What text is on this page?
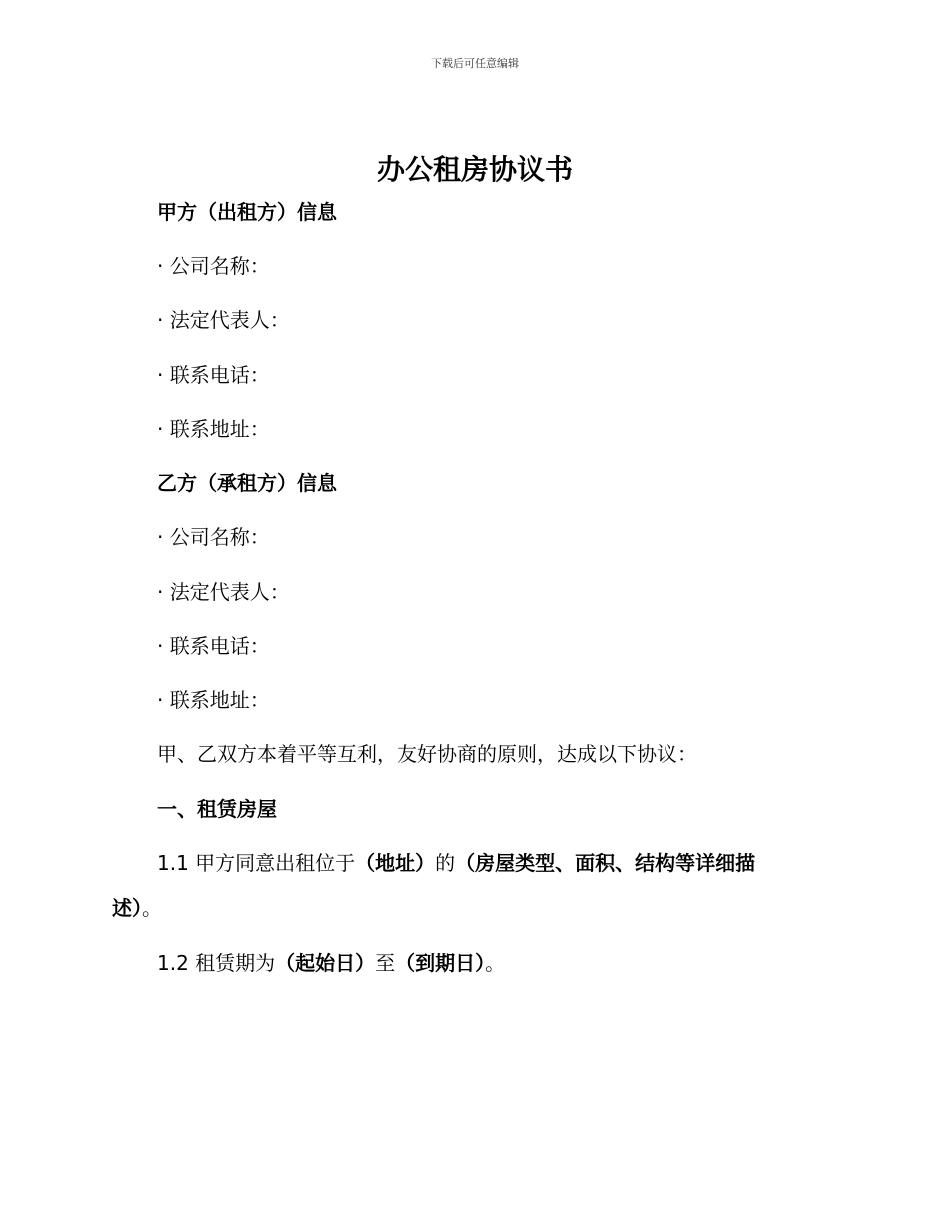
下载后可任意编辑
办公租房协议书
甲方（出租方）信息
· 公司名称：
· 法定代表人：
· 联系电话：
· 联系地址：
乙方（承租方）信息
· 公司名称：
· 法定代表人：
· 联系电话：
· 联系地址：
甲、乙双方本着平等互利，友好协商的原则，达成以下协议：
一、租赁房屋
1.1 甲方同意出租位于（地址）的（房屋类型、面积、结构等详细描
述）。
1.2 租赁期为（起始日）至（到期日）。
